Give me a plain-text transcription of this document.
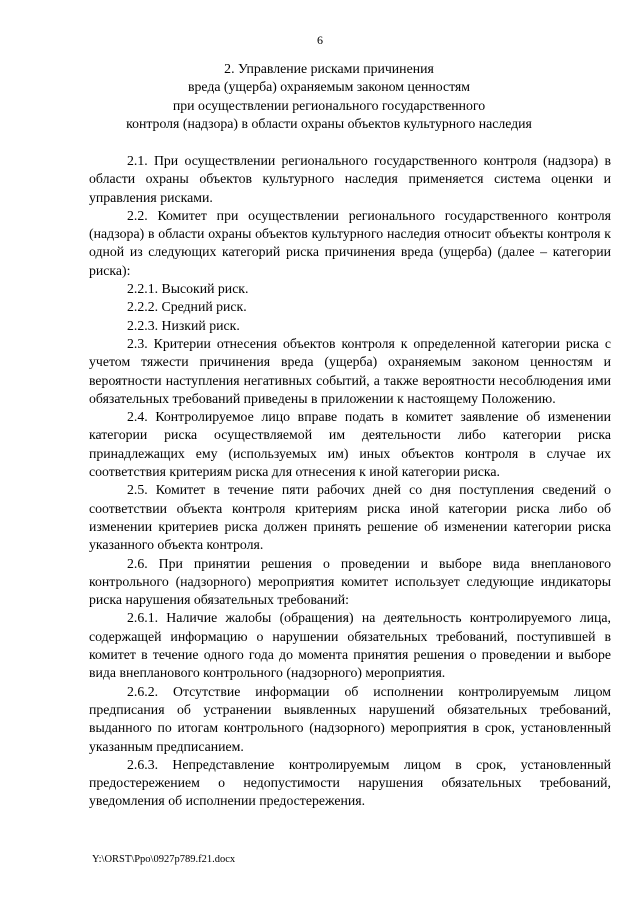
6
2. Управление рисками причинения
вреда (ущерба) охраняемым законом ценностям
при осуществлении регионального государственного
контроля (надзора) в области охраны объектов культурного наследия

2.1. При осуществлении регионального государственного контроля (надзора) в области охраны объектов культурного наследия применяется система оценки и управления рисками.

2.2. Комитет при осуществлении регионального государственного контроля (надзора) в области охраны объектов культурного наследия относит объекты контроля к одной из следующих категорий риска причинения вреда (ущерба) (далее – категории риска):

2.2.1. Высокий риск.

2.2.2. Средний риск.

2.2.3. Низкий риск.

2.3. Критерии отнесения объектов контроля к определенной категории риска с учетом тяжести причинения вреда (ущерба) охраняемым законом ценностям и вероятности наступления негативных событий, а также вероятности несоблюдения ими обязательных требований приведены в приложении к настоящему Положению.

2.4. Контролируемое лицо вправе подать в комитет заявление об изменении категории риска осуществляемой им деятельности либо категории риска принадлежащих ему (используемых им) иных объектов контроля в случае их соответствия критериям риска для отнесения к иной категории риска.

2.5. Комитет в течение пяти рабочих дней со дня поступления сведений о соответствии объекта контроля критериям риска иной категории риска либо об изменении критериев риска должен принять решение об изменении категории риска указанного объекта контроля.

2.6. При принятии решения о проведении и выборе вида внепланового контрольного (надзорного) мероприятия комитет использует следующие индикаторы риска нарушения обязательных требований:

2.6.1. Наличие жалобы (обращения) на деятельность контролируемого лица, содержащей информацию о нарушении обязательных требований, поступившей в комитет в течение одного года до момента принятия решения о проведении и выборе вида внепланового контрольного (надзорного) мероприятия.

2.6.2. Отсутствие информации об исполнении контролируемым лицом предписания об устранении выявленных нарушений обязательных требований, выданного по итогам контрольного (надзорного) мероприятия в срок, установленный указанным предписанием.

2.6.3. Непредставление контролируемым лицом в срок, установленный предостережением о недопустимости нарушения обязательных требований, уведомления об исполнении предостережения.

Y:\ORST\Ppo\0927p789.f21.docx
